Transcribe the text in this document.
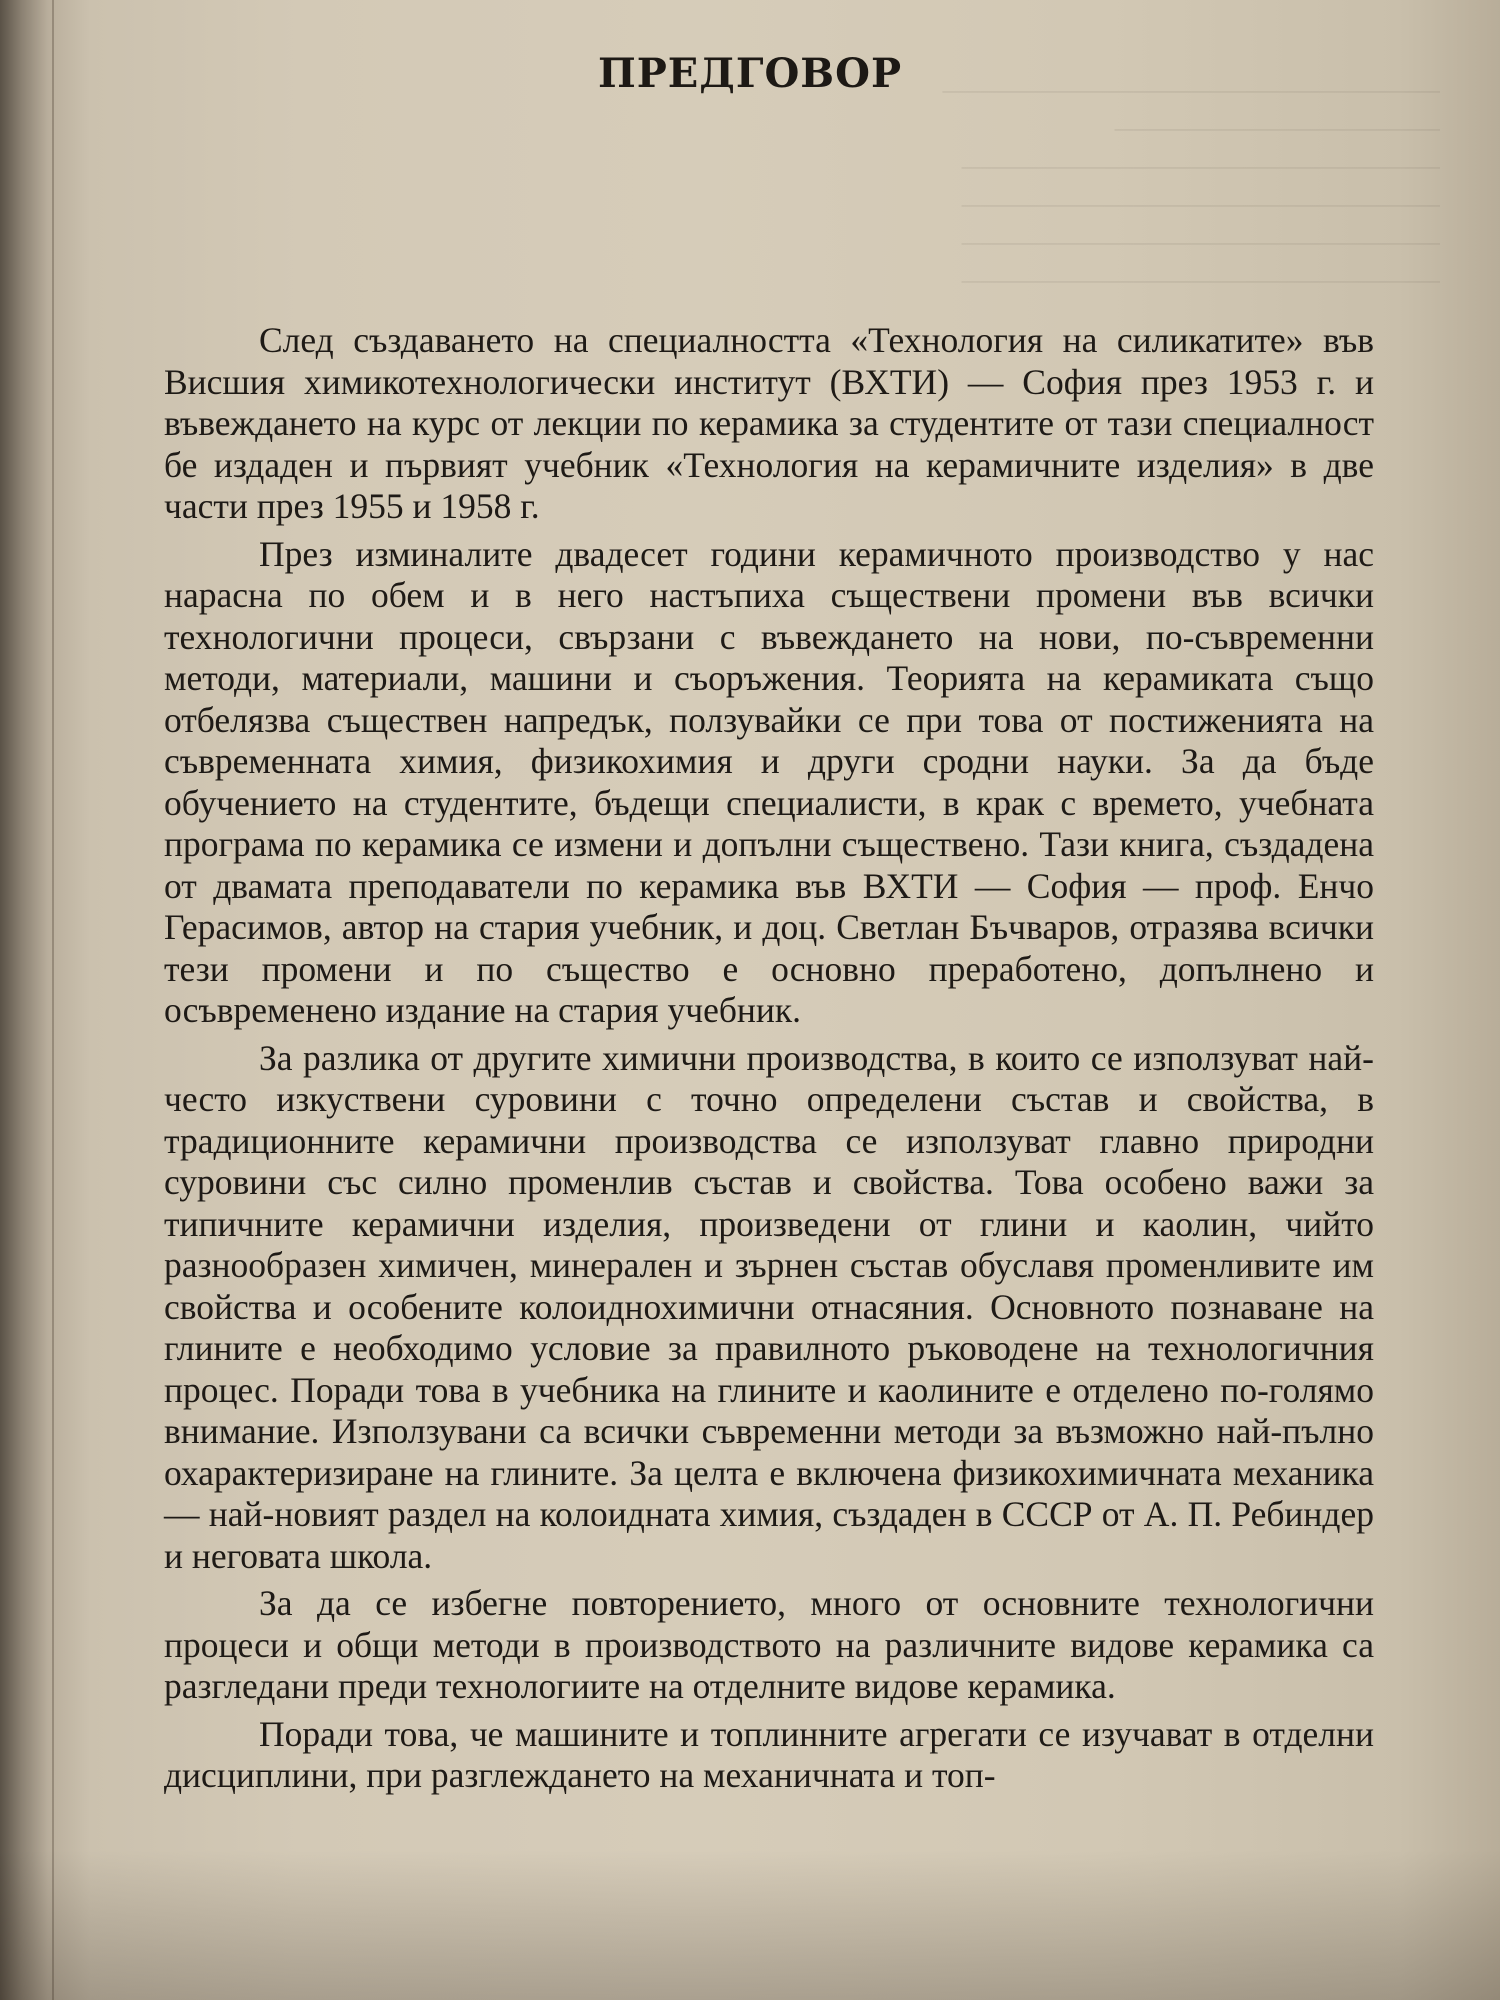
──────────────────────────
─────────────────
─────────────────────────
─────────────────────────
─────────────────────────
─────────────────────────
ПРЕДГОВОР

След създаването на специалността «Технология на силикатите» във Висшия химикотехнологически институт (ВХТИ) — София през 1953 г. и въвеждането на курс от лекции по керамика за студентите от тази специалност бе издаден и първият учебник «Технология на керамичните изделия» в две части през 1955 и 1958 г.

През изминалите двадесет години керамичното производство у нас нарасна по обем и в него настъпиха съществени промени във всички технологични процеси, свързани с въвеждането на нови, по-съвременни методи, материали, машини и съоръжения. Теорията на керамиката също отбелязва съществен напредък, ползувайки се при това от постиженията на съвременната химия, физикохимия и други сродни науки. За да бъде обучението на студентите, бъдещи специалисти, в крак с времето, учебната програма по керамика се измени и допълни съществено. Тази книга, създадена от двамата преподаватели по керамика във ВХТИ — София — проф. Енчо Герасимов, автор на стария учебник, и доц. Светлан Бъчваров, отразява всички тези промени и по същество е основно преработено, допълнено и осъвременено издание на стария учебник.

За разлика от другите химични производства, в които се използуват най-често изкуствени суровини с точно определени състав и свойства, в традиционните керамични производства се използуват главно природни суровини със силно променлив състав и свойства. Това особено важи за типичните керамични изделия, произведени от глини и каолин, чийто разнообразен химичен, минерален и зърнен състав обуславя променливите им свойства и особените колоиднохимични отнасяния. Основното познаване на глините е необходимо условие за правилното ръководене на технологичния процес. Поради това в учебника на глините и каолините е отделено по-голямо внимание. Използувани са всички съвременни методи за възможно най-пълно охарактеризиране на глините. За целта е включена физикохимичната механика — най-новият раздел на колоидната химия, създаден в СССР от А. П. Ребиндер и неговата школа.

За да се избегне повторението, много от основните технологични процеси и общи методи в производството на различните видове керамика са разгледани преди технологиите на отделните видове керамика.

Поради това, че машините и топлинните агрегати се изучават в отделни дисциплини, при разглеждането на механичната и топ-
